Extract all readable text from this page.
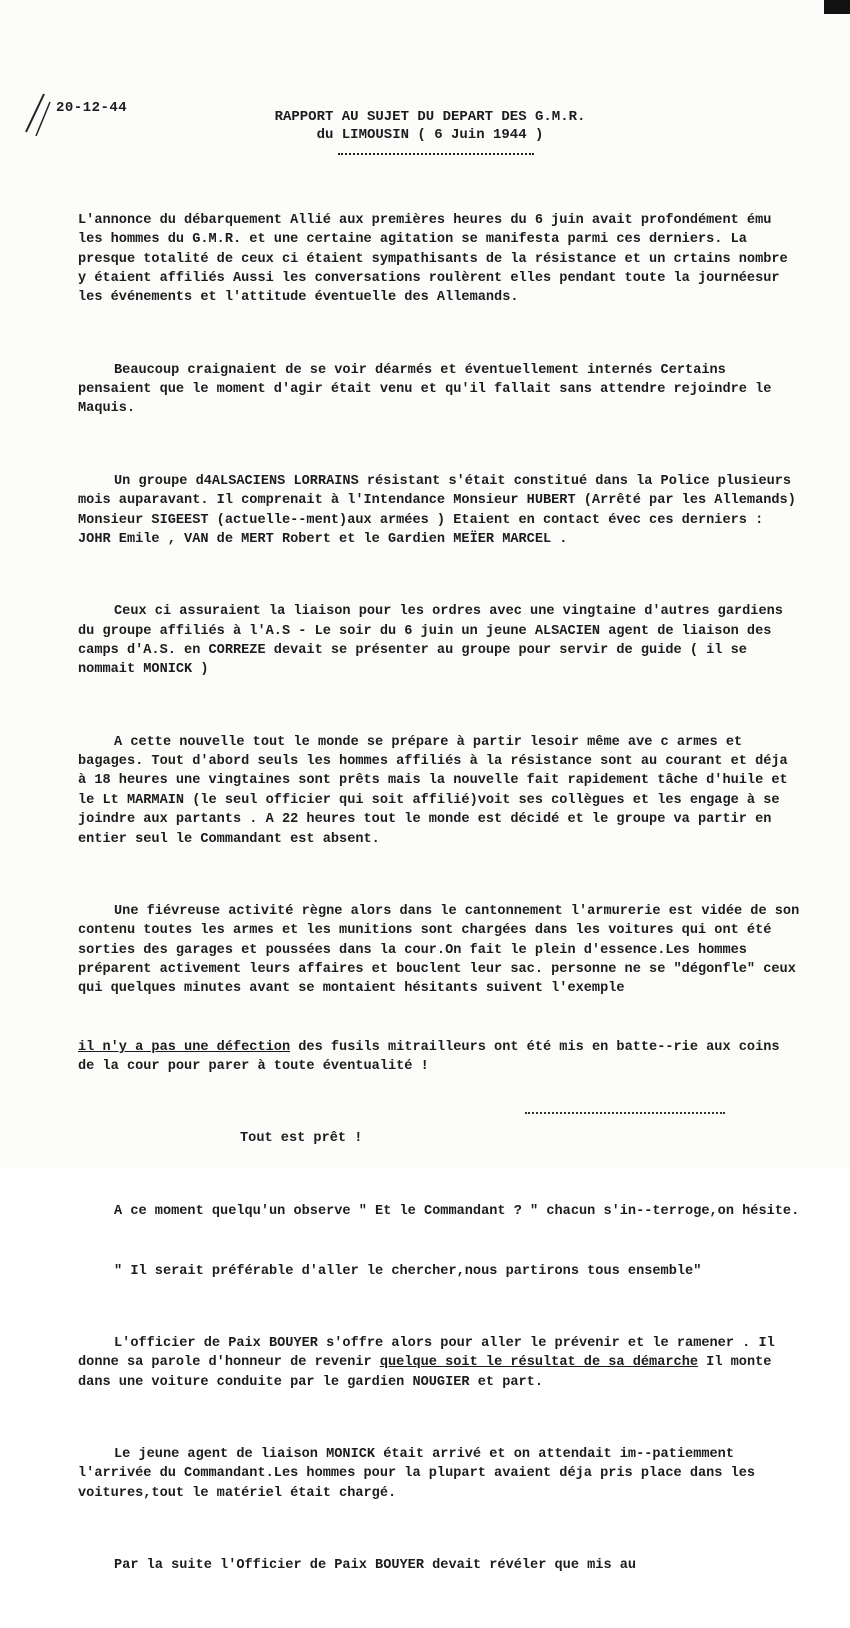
20-12-44
RAPPORT AU SUJET DU DEPART DES G.M.R.
du LIMOUSIN ( 6 Juin 1944 )

L'annonce du débarquement Allié aux premières heures du 6 juin avait profondément ému les hommes du G.M.R. et une certaine agitation se manifesta parmi ces derniers. La presque totalité de ceux ci étaient sympathisants de la résistance et un crtains nombre y étaient affiliés Aussi les conversations roulèrent elles pendant toute la journéesur les événements et l'attitude éventuelle des Allemands.

Beaucoup craignaient de se voir déarmés et éventuellement internés Certains pensaient que le moment d'agir était venu et qu'il fallait sans attendre rejoindre le Maquis.

Un groupe d4ALSACIENS LORRAINS résistant s'était constitué dans la Police plusieurs mois auparavant. Il comprenait à l'Intendance Monsieur HUBERT (Arrêté par les Allemands) Monsieur SIGEEST (actuelle--ment)aux armées ) Etaient en contact évec ces derniers : JOHR Emile , VAN de MERT Robert et le Gardien MEÏER MARCEL .

Ceux ci assuraient la liaison pour les ordres avec une vingtaine d'autres gardiens du groupe affiliés à l'A.S - Le soir du 6 juin un jeune ALSACIEN agent de liaison des camps d'A.S. en CORREZE devait se présenter au groupe pour servir de guide ( il se nommait MONICK )

A cette nouvelle tout le monde se prépare à partir lesoir même ave c armes et bagages. Tout d'abord seuls les hommes affiliés à la résistance sont au courant et déja à 18 heures une vingtaines sont prêts mais la nouvelle fait rapidement tâche d'huile et le Lt MARMAIN (le seul officier qui soit affilié)voit ses collègues et les engage à se joindre aux partants . A 22 heures tout le monde est décidé et le groupe va partir en entier seul le Commandant est absent.

Une fiévreuse activité règne alors dans le cantonnement l'armurerie est vidée de son contenu toutes les armes et les munitions sont chargées dans les voitures qui ont été sorties des garages et poussées dans la cour.On fait le plein d'essence.Les hommes préparent activement leurs affaires et bouclent leur sac. personne ne se "dégonfle" ceux qui quelques minutes avant se montaient hésitants suivent l'exemple

il n'y a pas une défection des fusils mitrailleurs ont été mis en batte--rie aux coins de la cour pour parer à toute éventualité !

Tout est prêt !

A ce moment quelqu'un observe " Et le Commandant ? " chacun s'in--terroge,on hésite.

" Il serait préférable d'aller le chercher,nous partirons tous ensemble"

L'officier de Paix BOUYER s'offre alors pour aller le prévenir et le ramener . Il donne sa parole d'honneur de revenir quelque soit le résultat de sa démarche Il monte dans une voiture conduite par le gardien NOUGIER et part.

Le jeune agent de liaison MONICK était arrivé et on attendait im--patiemment l'arrivée du Commandant.Les hommes pour la plupart avaient déja pris place dans les voitures,tout le matériel était chargé.

Par la suite l'Officier de Paix BOUYER devait révéler que mis au
